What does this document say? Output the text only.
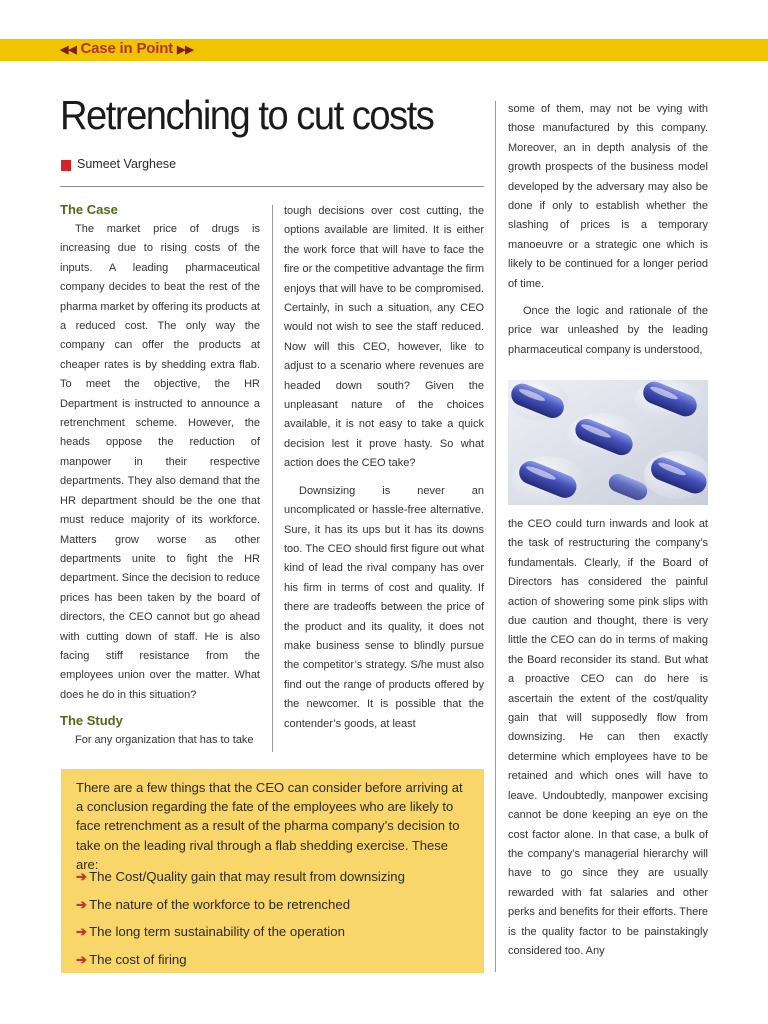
◀◀ Case in Point ▶▶
Retrenching to cut costs
Sumeet Varghese
The Case

The market price of drugs is increasing due to rising costs of the inputs. A leading pharmaceutical company decides to beat the rest of the pharma market by offering its products at a reduced cost. The only way the company can offer the products at cheaper rates is by shedding extra flab. To meet the objective, the HR Department is instructed to announce a retrenchment scheme. However, the heads oppose the reduction of manpower in their respective departments. They also demand that the HR department should be the one that must reduce majority of its workforce. Matters grow worse as other departments unite to fight the HR department. Since the decision to reduce prices has been taken by the board of directors, the CEO cannot but go ahead with cutting down of staff. He is also facing stiff resistance from the employees union over the matter. What does he do in this situation?

The Study

For any organization that has to take

tough decisions over cost cutting, the options available are limited. It is either the work force that will have to face the fire or the competitive advantage the firm enjoys that will have to be compromised. Certainly, in such a situation, any CEO would not wish to see the staff reduced. Now will this CEO, however, like to adjust to a scenario where revenues are headed down south? Given the unpleasant nature of the choices available, it is not easy to take a quick decision lest it prove hasty. So what action does the CEO take?

Downsizing is never an uncomplicated or hassle-free alternative. Sure, it has its ups but it has its downs too. The CEO should first figure out what kind of lead the rival company has over his firm in terms of cost and quality. If there are tradeoffs between the price of the product and its quality, it does not make business sense to blindly pursue the competitor’s strategy. S/he must also find out the range of products offered by the newcomer. It is possible that the contender’s goods, at least

some of them, may not be vying with those manufactured by this company. Moreover, an in depth analysis of the growth prospects of the business model developed by the adversary may also be done if only to establish whether the slashing of prices is a temporary manoeuvre or a strategic one which is likely to be continued for a longer period of time.

Once the logic and rationale of the price war unleashed by the leading pharmaceutical company is understood,

the CEO could turn inwards and look at the task of restructuring the company’s fundamentals. Clearly, if the Board of Directors has considered the painful action of showering some pink slips with due caution and thought, there is very little the CEO can do in terms of making the Board reconsider its stand. But what a proactive CEO can do here is ascertain the extent of the cost/quality gain that will supposedly flow from downsizing. He can then exactly determine which employees have to be retained and which ones will have to leave. Undoubtedly, manpower excising cannot be done keeping an eye on the cost factor alone. In that case, a bulk of the company’s managerial hierarchy will have to go since they are usually rewarded with fat salaries and other perks and benefits for their efforts. There is the quality factor to be painstakingly considered too. Any

There are a few things that the CEO can consider before arriving at a conclusion regarding the fate of the employees who are likely to face retrenchment as a result of the pharma company’s decision to take on the leading rival through a flab shedding exercise. These are:
➔ The Cost/Quality gain that may result from downsizing
➔ The nature of the workforce to be retrenched
➔ The long term sustainability of the operation
➔ The cost of firing
